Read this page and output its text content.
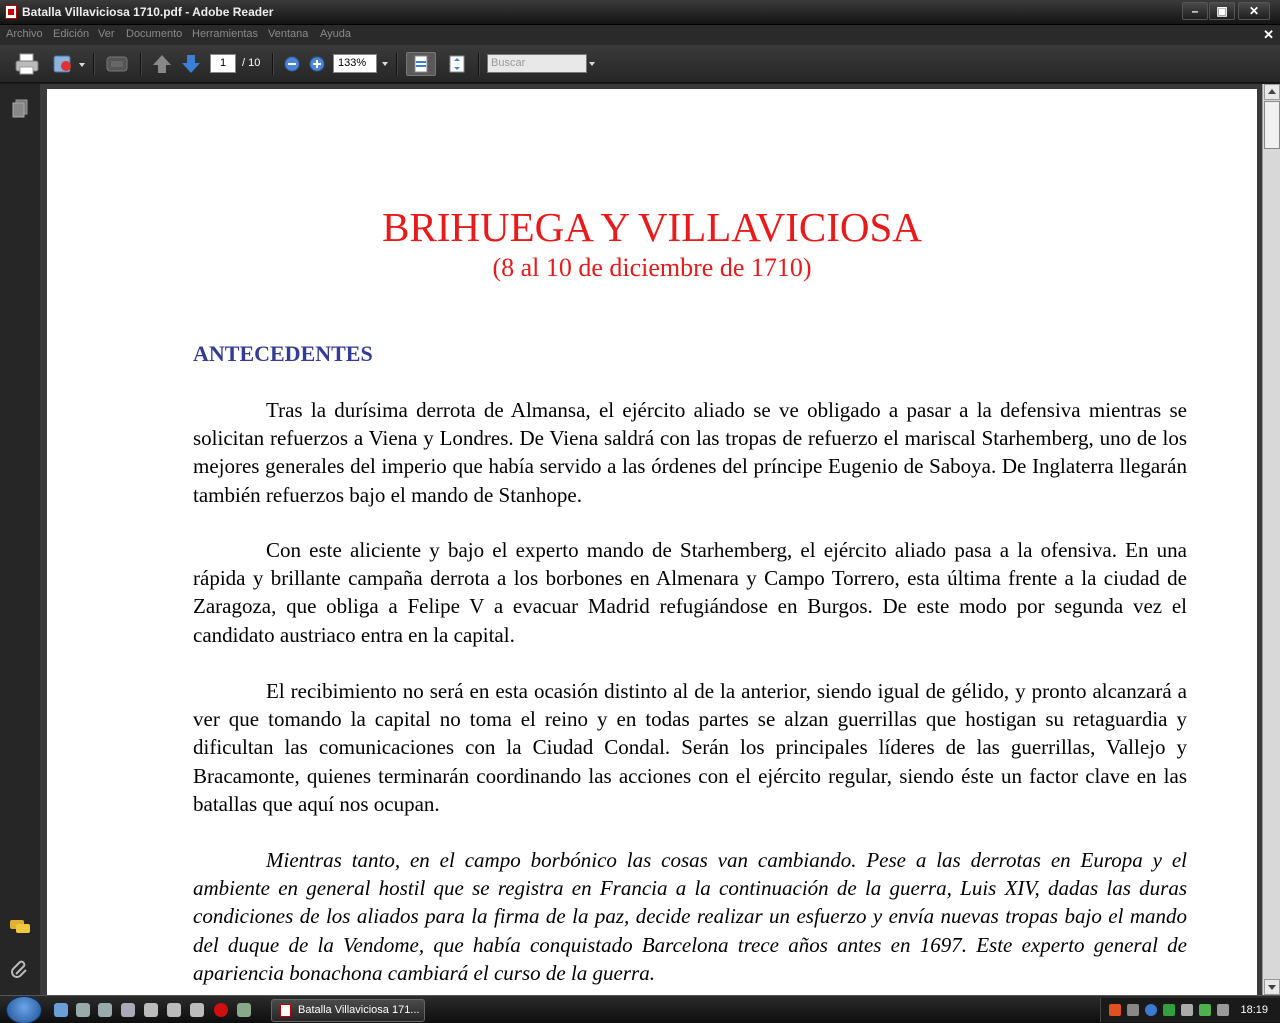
Batalla Villaviciosa 1710.pdf - Adobe Reader	–	▣	✕
Archivo Edición Ver Documento Herramientas Ventana Ayuda	✕
1	/ 10	133%	Buscar
BRIHUEGA Y VILLAVICIOSA
(8 al 10 de diciembre de 1710)
ANTECEDENTES

Tras la durísima derrota de Almansa, el ejército aliado se ve obligado a pasar a la defensiva mientras se solicitan refuerzos a Viena y Londres. De Viena saldrá con las tropas de refuerzo el mariscal Starhemberg, uno de los mejores generales del imperio que había servido a las órdenes del príncipe Eugenio de Saboya. De Inglaterra llegarán también refuerzos bajo el mando de Stanhope.

Con este aliciente y bajo el experto mando de Starhemberg, el ejército aliado pasa a la ofensiva. En una rápida y brillante campaña derrota a los borbones en Almenara y Campo Torrero, esta última frente a la ciudad de Zaragoza, que obliga a Felipe V a evacuar Madrid refugiándose en Burgos. De este modo por segunda vez el candidato austriaco entra en la capital.

El recibimiento no será en esta ocasión distinto al de la anterior, siendo igual de gélido, y pronto alcanzará a ver que tomando la capital no toma el reino y en todas partes se alzan guerrillas que hostigan su retaguardia y dificultan las comunicaciones con la Ciudad Condal. Serán los principales líderes de las guerrillas, Vallejo y Bracamonte, quienes terminarán coordinando las acciones con el ejército regular, siendo éste un factor clave en las batallas que aquí nos ocupan.

Mientras tanto, en el campo borbónico las cosas van cambiando. Pese a las derrotas en Europa y el ambiente en general hostil que se registra en Francia a la continuación de la guerra, Luis XIV, dadas las duras condiciones de los aliados para la firma de la paz, decide realizar un esfuerzo y envía nuevas tropas bajo el mando del duque de la Vendome, que había conquistado Barcelona trece años antes en 1697. Este experto general de apariencia bonachona cambiará el curso de la guerra.

Batalla Villaviciosa 171...	18:19
